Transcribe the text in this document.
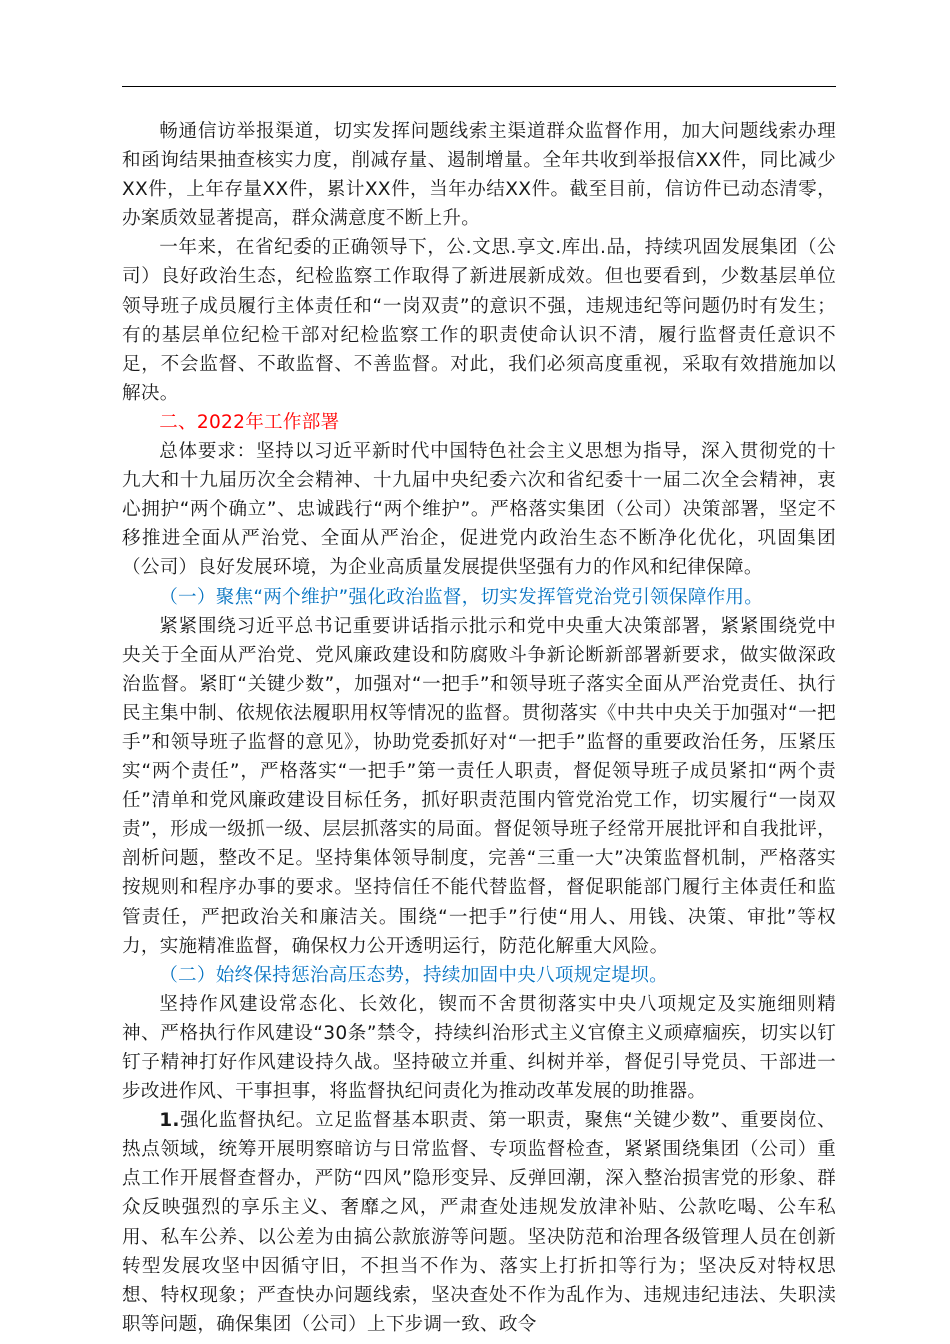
畅通信访举报渠道，切实发挥问题线索主渠道群众监督作用，加大问题线索办理和函询结果抽查核实力度，削减存量、遏制增量。全年共收到举报信XX件，同比减少XX件，上年存量XX件，累计XX件，当年办结XX件。截至目前，信访件已动态清零，办案质效显著提高，群众满意度不断上升。

一年来，在省纪委的正确领导下，公.文思.享文.库出.品，持续巩固发展集团（公司）良好政治生态，纪检监察工作取得了新进展新成效。但也要看到，少数基层单位领导班子成员履行主体责任和“一岗双责”的意识不强，违规违纪等问题仍时有发生；有的基层单位纪检干部对纪检监察工作的职责使命认识不清，履行监督责任意识不足，不会监督、不敢监督、不善监督。对此，我们必须高度重视，采取有效措施加以解决。

二、2022年工作部署

总体要求：坚持以习近平新时代中国特色社会主义思想为指导，深入贯彻党的十九大和十九届历次全会精神、十九届中央纪委六次和省纪委十一届二次全会精神，衷心拥护“两个确立”、忠诚践行“两个维护”。严格落实集团（公司）决策部署，坚定不移推进全面从严治党、全面从严治企，促进党内政治生态不断净化优化，巩固集团（公司）良好发展环境，为企业高质量发展提供坚强有力的作风和纪律保障。

（一）聚焦“两个维护”强化政治监督，切实发挥管党治党引领保障作用。

紧紧围绕习近平总书记重要讲话指示批示和党中央重大决策部署，紧紧围绕党中央关于全面从严治党、党风廉政建设和防腐败斗争新论断新部署新要求，做实做深政治监督。紧盯“关键少数”，加强对“一把手”和领导班子落实全面从严治党责任、执行民主集中制、依规依法履职用权等情况的监督。贯彻落实《中共中央关于加强对“一把手”和领导班子监督的意见》，协助党委抓好对“一把手”监督的重要政治任务，压紧压实“两个责任”，严格落实“一把手”第一责任人职责，督促领导班子成员紧扣“两个责任”清单和党风廉政建设目标任务，抓好职责范围内管党治党工作，切实履行“一岗双责”，形成一级抓一级、层层抓落实的局面。督促领导班子经常开展批评和自我批评，剖析问题，整改不足。坚持集体领导制度，完善“三重一大”决策监督机制，严格落实按规则和程序办事的要求。坚持信任不能代替监督，督促职能部门履行主体责任和监管责任，严把政治关和廉洁关。围绕“一把手”行使“用人、用钱、决策、审批”等权力，实施精准监督，确保权力公开透明运行，防范化解重大风险。

（二）始终保持惩治高压态势，持续加固中央八项规定堤坝。

坚持作风建设常态化、长效化，锲而不舍贯彻落实中央八项规定及实施细则精神、严格执行作风建设“30条”禁令，持续纠治形式主义官僚主义顽瘴痼疾，切实以钉钉子精神打好作风建设持久战。坚持破立并重、纠树并举，督促引导党员、干部进一步改进作风、干事担事，将监督执纪问责化为推动改革发展的助推器。

1.强化监督执纪。立足监督基本职责、第一职责，聚焦“关键少数”、重要岗位、热点领域，统筹开展明察暗访与日常监督、专项监督检查，紧紧围绕集团（公司）重点工作开展督查督办，严防“四风”隐形变异、反弹回潮，深入整治损害党的形象、群众反映强烈的享乐主义、奢靡之风，严肃查处违规发放津补贴、公款吃喝、公车私用、私车公养、以公差为由搞公款旅游等问题。坚决防范和治理各级管理人员在创新转型发展攻坚中因循守旧，不担当不作为、落实上打折扣等行为；坚决反对特权思想、特权现象；严查快办问题线索，坚决查处不作为乱作为、违规违纪违法、失职渎职等问题，确保集团（公司）上下步调一致、政令
